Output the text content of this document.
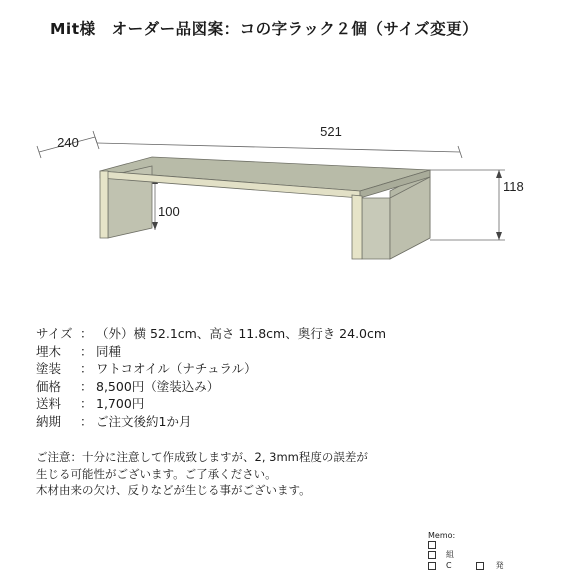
Mit様　オーダー品図案：コの字ラック２個（サイズ変更）
240
521
118
100
サイズ ： （外）横 52.1cm、高さ 11.8cm、奥行き 24.0cm
埋木	： 同種
塗装	： ワトコオイル（ナチュラル）
価格	： 8,500円（塗装込み）
送料	： 1,700円
納期	： ご注文後約1か月
ご注意：十分に注意して作成致しますが、2, 3mm程度の誤差が
生じる可能性がございます。ご了承ください。
木材由来の欠け、反りなどが生じる事がございます。
Memo:
組
C	発
